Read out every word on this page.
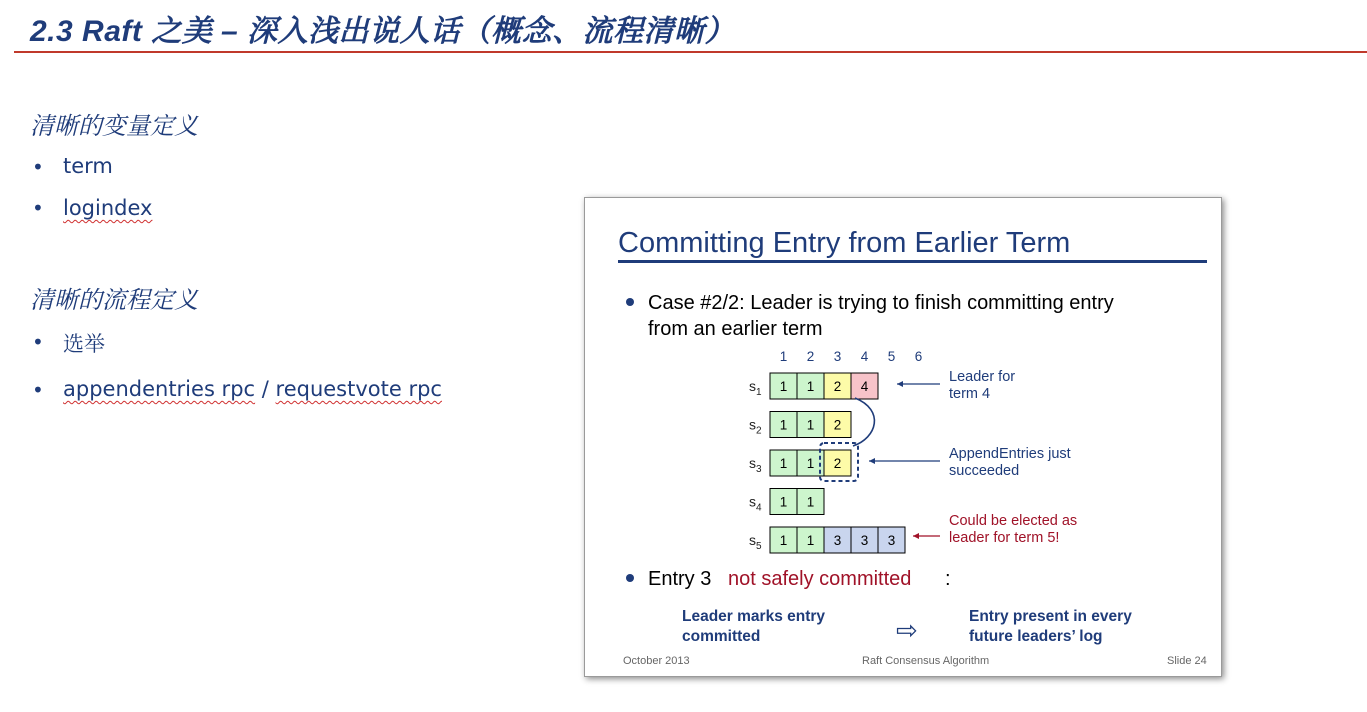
2.3 Raft 之美 – 深入浅出说人话（概念、流程清晰）
清晰的变量定义
• term
• logindex
清晰的流程定义
• 选举
• appendentries rpc / requestvote rpc
Committing Entry from Earlier Term
Case #2/2: Leader is trying to finish committing entry
from an earlier term
1 2 3 4 5 6
$s_1$ 1 1 2 4
$s_2$ 1 1 2
$s_3$ 1 1 2
$s_4$ 1 1
$s_5$ 1 1 3 3 3
Leader for
term 4
AppendEntries just
succeeded
Could be elected as
leader for term 5!
Entry 3 not safely committed :
Leader marks entry
committed	⇨	Entry present in every
future leaders’ log
October 2013	Raft Consensus Algorithm	Slide 24
